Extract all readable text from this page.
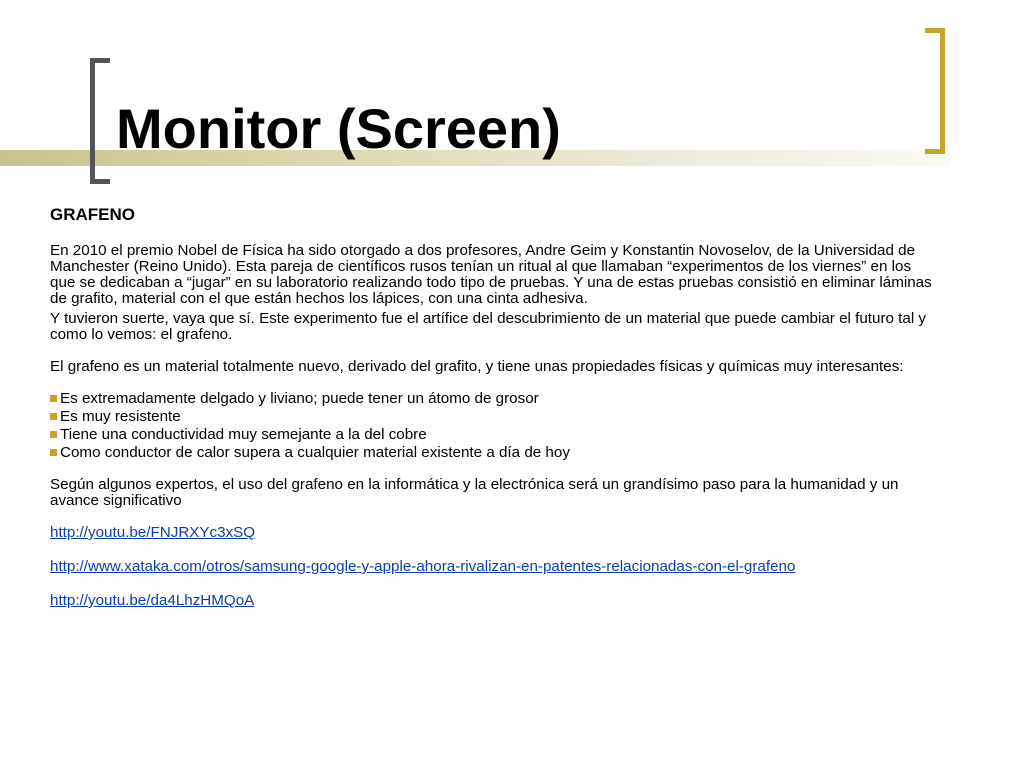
Monitor (Screen)
GRAFENO

En 2010 el premio Nobel de Física ha sido otorgado a dos profesores, Andre Geim y Konstantin Novoselov, de la Universidad de Manchester (Reino Unido). Esta pareja de científicos rusos tenían un ritual al que llamaban “experimentos de los viernes” en los que se dedicaban a “jugar” en su laboratorio realizando todo tipo de pruebas. Y una de estas pruebas consistió en eliminar láminas de grafito, material con el que están hechos los lápices, con una cinta adhesiva.

Y tuvieron suerte, vaya que sí. Este experimento fue el artífice del descubrimiento de un material que puede cambiar el futuro tal y como lo vemos: el grafeno.

El grafeno es un material totalmente nuevo, derivado del grafito, y tiene unas propiedades físicas y químicas muy interesantes:

Es extremadamente delgado y liviano; puede tener un átomo de grosor
Es muy resistente
Tiene una conductividad muy semejante a la del cobre
Como conductor de calor supera a cualquier material existente a día de hoy

Según algunos expertos, el uso del grafeno en la informática y la electrónica será un grandísimo paso para la humanidad y un avance significativo

http://youtu.be/FNJRXYc3xSQ
http://www.xataka.com/otros/samsung-google-y-apple-ahora-rivalizan-en-patentes-relacionadas-con-el-grafeno
http://youtu.be/da4LhzHMQoA
